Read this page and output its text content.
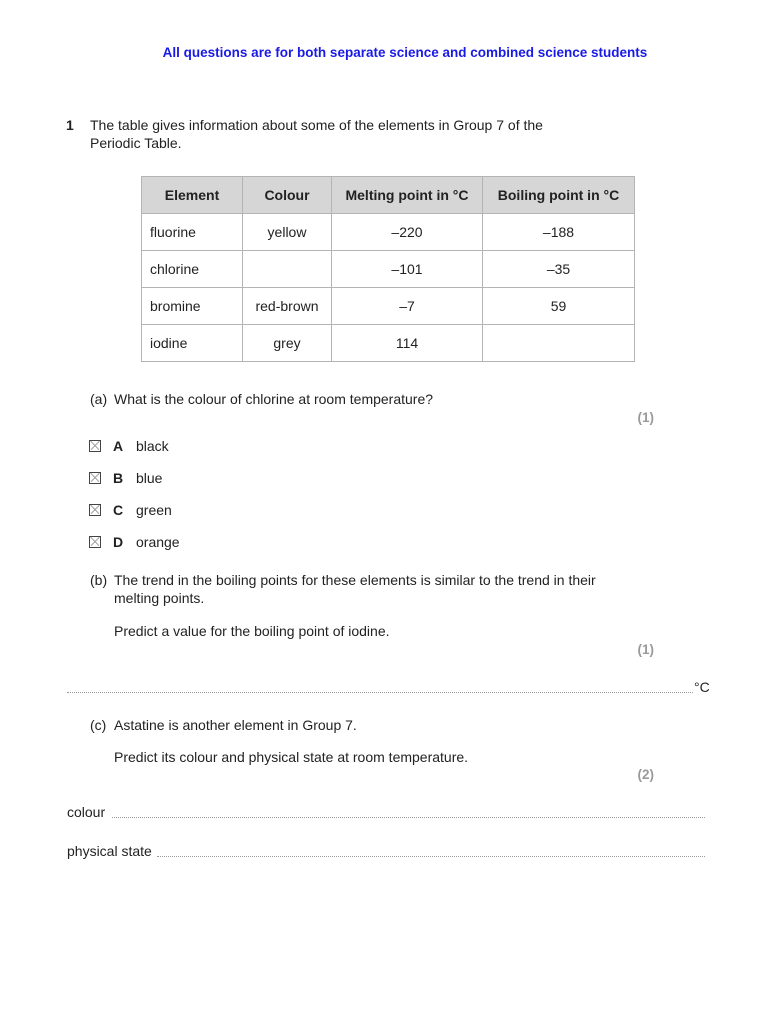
All questions are for both separate science and combined science students
1 The table gives information about some of the elements in Group 7 of the Periodic Table.
Element	Colour	Melting point in °C	Boiling point in °C
fluorine	yellow	–220	–188
chlorine		–101	–35
bromine	red-brown	–7	59
iodine	grey	114	
(a) What is the colour of chlorine at room temperature?
(1)
A black
B blue
C green
D orange
(b) The trend in the boiling points for these elements is similar to the trend in their melting points.
Predict a value for the boiling point of iodine.
(1)
°C
(c) Astatine is another element in Group 7.
Predict its colour and physical state at room temperature.
(2)
colour
physical state
